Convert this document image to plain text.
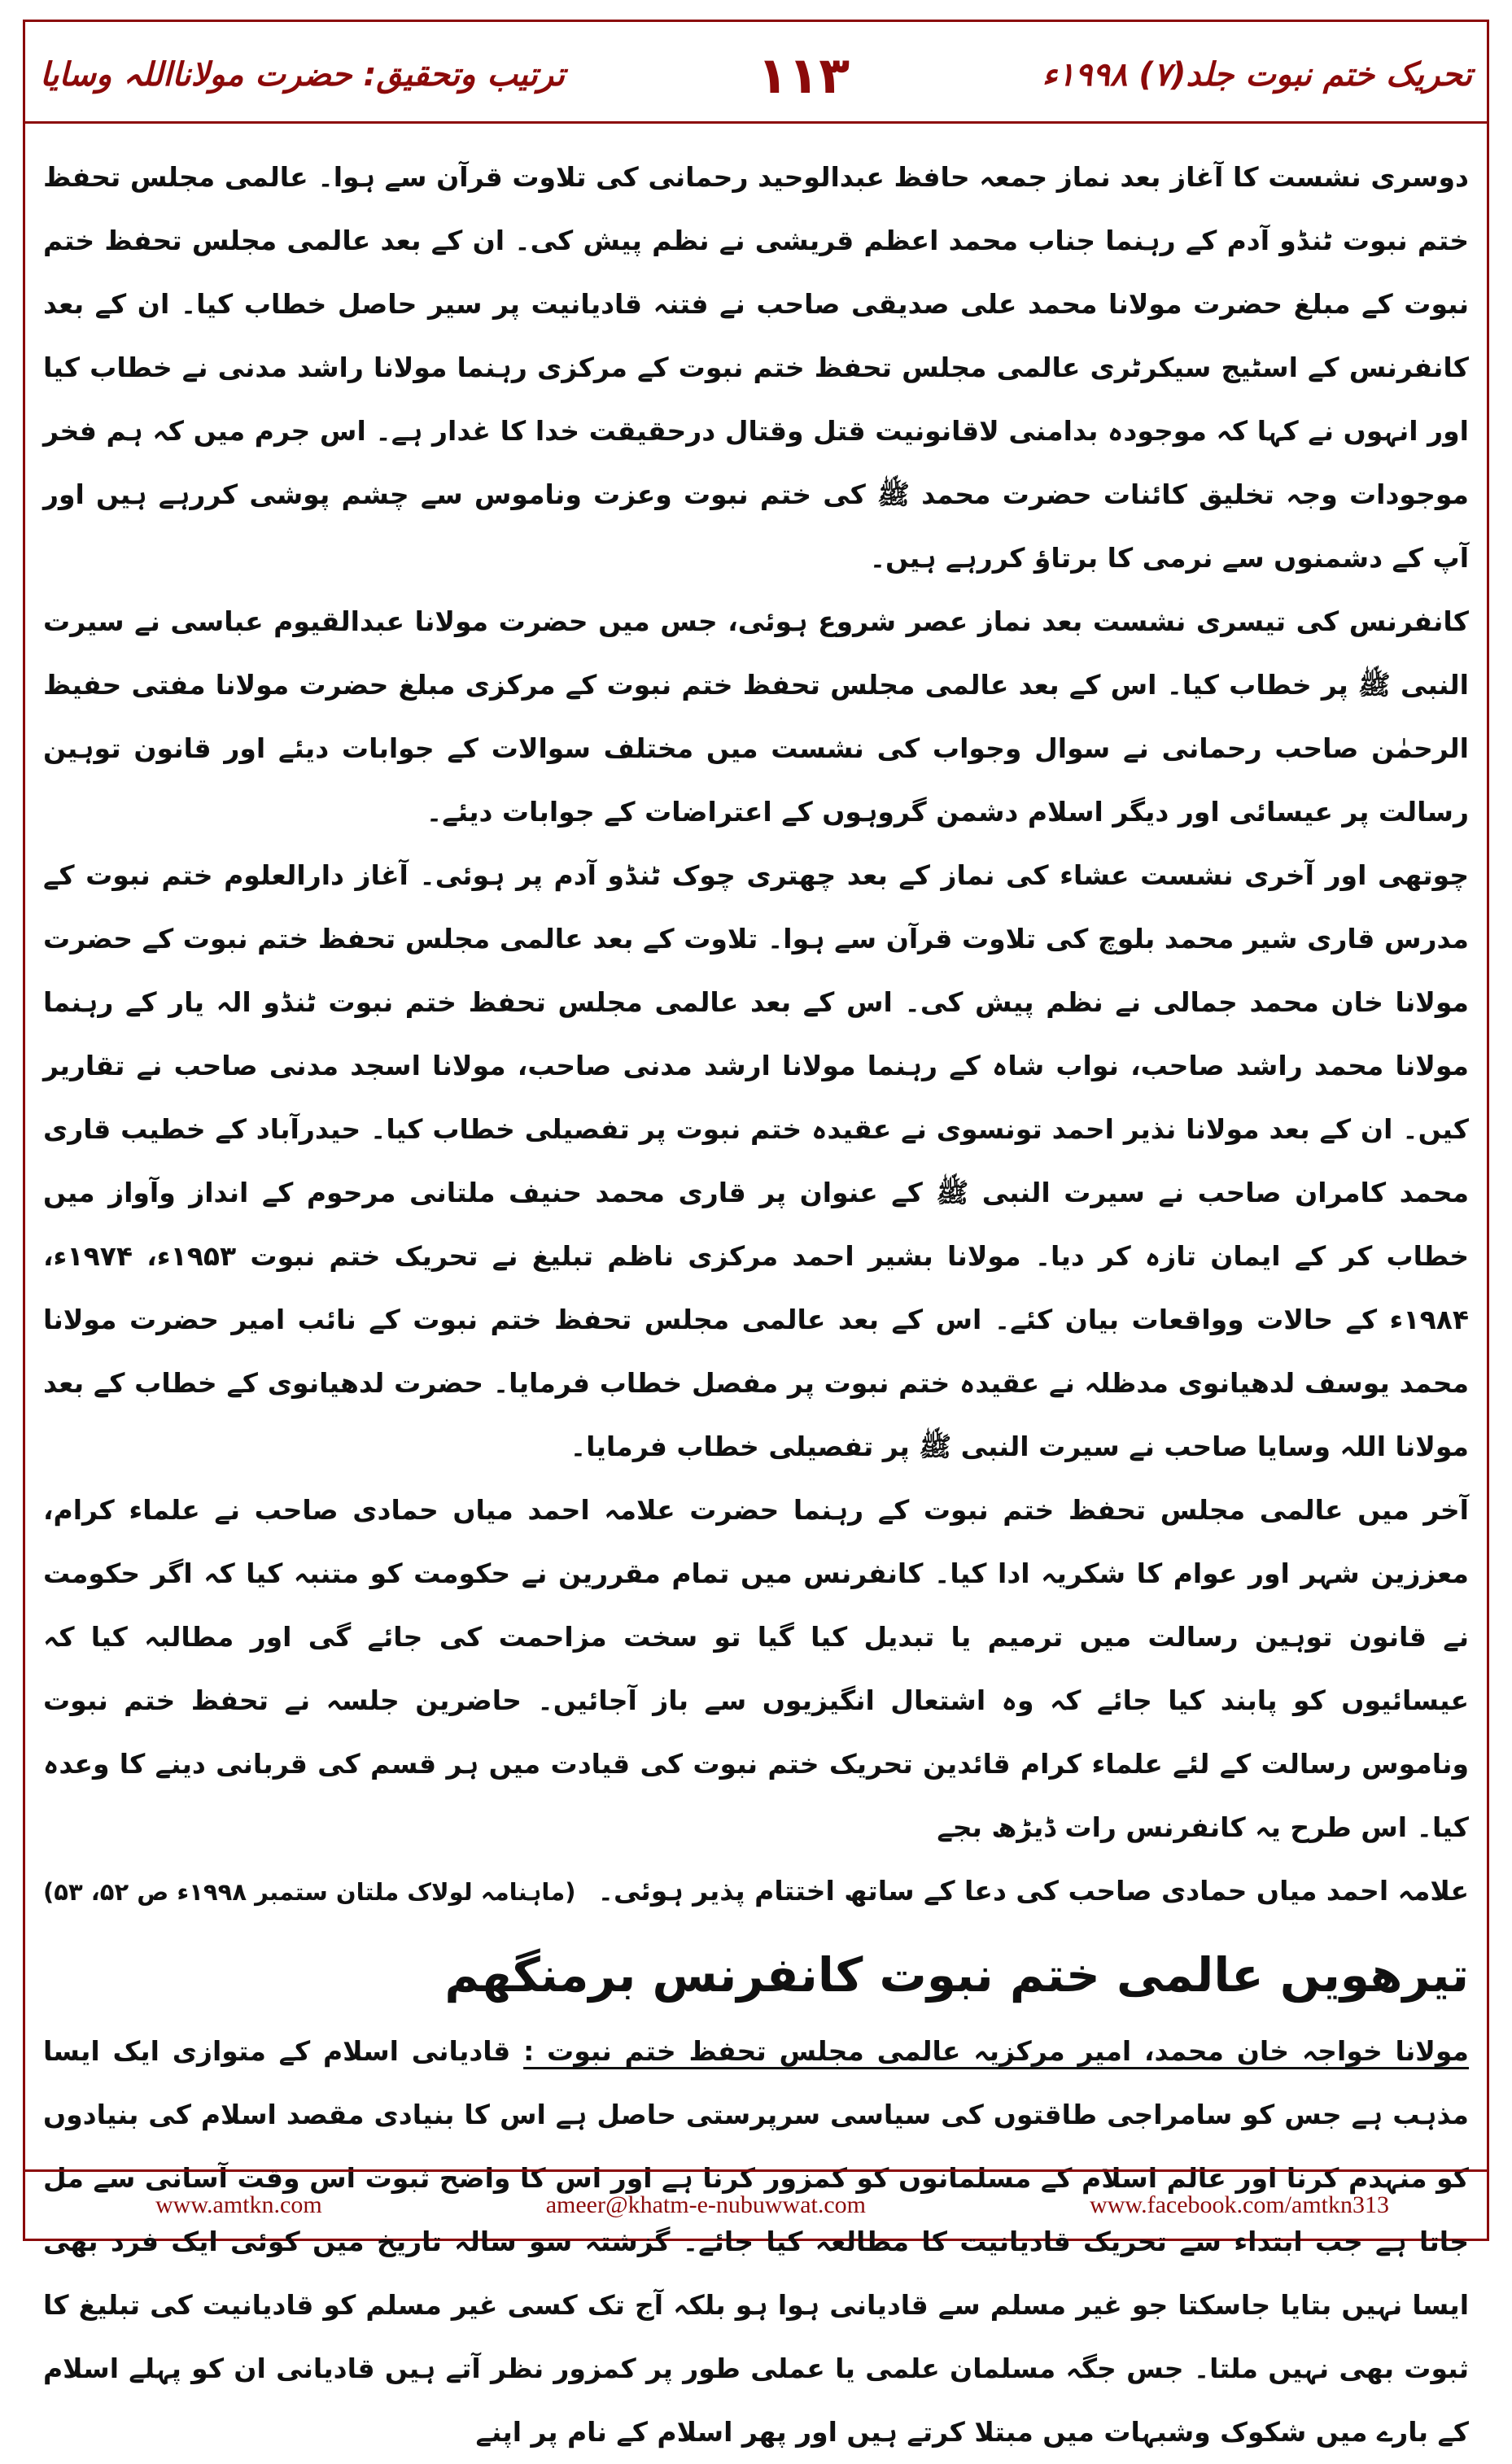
ترتیب وتحقیق: حضرت مولانااللہ وسایا	۱۱۳	تحریک ختم نبوت جلد(۷) ۱۹۹۸ء

دوسری نشست کا آغاز بعد نماز جمعہ حافظ عبدالوحید رحمانی کی تلاوت قرآن سے ہوا۔ عالمی مجلس تحفظ ختم نبوت ٹنڈو آدم کے رہنما جناب محمد اعظم قریشی نے نظم پیش کی۔ ان کے بعد عالمی مجلس تحفظ ختم نبوت کے مبلغ حضرت مولانا محمد علی صدیقی صاحب نے فتنہ قادیانیت پر سیر حاصل خطاب کیا۔ ان کے بعد کانفرنس کے اسٹیج سیکرٹری عالمی مجلس تحفظ ختم نبوت کے مرکزی رہنما مولانا راشد مدنی نے خطاب کیا اور انہوں نے کہا کہ موجودہ بدامنی لاقانونیت قتل وقتال درحقیقت خدا کا غدار ہے۔ اس جرم میں کہ ہم فخر موجودات وجہ تخلیق کائنات حضرت محمد ﷺ کی ختم نبوت وعزت وناموس سے چشم پوشی کررہے ہیں اور آپ کے دشمنوں سے نرمی کا برتاؤ کررہے ہیں۔

کانفرنس کی تیسری نشست بعد نماز عصر شروع ہوئی، جس میں حضرت مولانا عبدالقیوم عباسی نے سیرت النبی ﷺ پر خطاب کیا۔ اس کے بعد عالمی مجلس تحفظ ختم نبوت کے مرکزی مبلغ حضرت مولانا مفتی حفیظ الرحمٰن صاحب رحمانی نے سوال وجواب کی نشست میں مختلف سوالات کے جوابات دیئے اور قانون توہین رسالت پر عیسائی اور دیگر اسلام دشمن گروہوں کے اعتراضات کے جوابات دیئے۔

چوتھی اور آخری نشست عشاء کی نماز کے بعد چھتری چوک ٹنڈو آدم پر ہوئی۔ آغاز دارالعلوم ختم نبوت کے مدرس قاری شیر محمد بلوچ کی تلاوت قرآن سے ہوا۔ تلاوت کے بعد عالمی مجلس تحفظ ختم نبوت کے حضرت مولانا خان محمد جمالی نے نظم پیش کی۔ اس کے بعد عالمی مجلس تحفظ ختم نبوت ٹنڈو الہ یار کے رہنما مولانا محمد راشد صاحب، نواب شاہ کے رہنما مولانا ارشد مدنی صاحب، مولانا اسجد مدنی صاحب نے تقاریر کیں۔ ان کے بعد مولانا نذیر احمد تونسوی نے عقیدہ ختم نبوت پر تفصیلی خطاب کیا۔ حیدرآباد کے خطیب قاری محمد کامران صاحب نے سیرت النبی ﷺ کے عنوان پر قاری محمد حنیف ملتانی مرحوم کے انداز وآواز میں خطاب کر کے ایمان تازہ کر دیا۔ مولانا بشیر احمد مرکزی ناظم تبلیغ نے تحریک ختم نبوت ۱۹۵۳ء، ۱۹۷۴ء، ۱۹۸۴ء کے حالات وواقعات بیان کئے۔ اس کے بعد عالمی مجلس تحفظ ختم نبوت کے نائب امیر حضرت مولانا محمد یوسف لدھیانوی مدظلہ نے عقیدہ ختم نبوت پر مفصل خطاب فرمایا۔ حضرت لدھیانوی کے خطاب کے بعد مولانا اللہ وسایا صاحب نے سیرت النبی ﷺ پر تفصیلی خطاب فرمایا۔

آخر میں عالمی مجلس تحفظ ختم نبوت کے رہنما حضرت علامہ احمد میاں حمادی صاحب نے علماء کرام، معززین شہر اور عوام کا شکریہ ادا کیا۔ کانفرنس میں تمام مقررین نے حکومت کو متنبہ کیا کہ اگر حکومت نے قانون توہین رسالت میں ترمیم یا تبدیل کیا گیا تو سخت مزاحمت کی جائے گی اور مطالبہ کیا کہ عیسائیوں کو پابند کیا جائے کہ وہ اشتعال انگیزیوں سے باز آجائیں۔ حاضرین جلسہ نے تحفظ ختم نبوت وناموس رسالت کے لئے علماء کرام قائدین تحریک ختم نبوت کی قیادت میں ہر قسم کی قربانی دینے کا وعدہ کیا۔ اس طرح یہ کانفرنس رات ڈیڑھ بجے

علامہ احمد میاں حمادی صاحب کی دعا کے ساتھ اختتام پذیر ہوئی۔
(ماہنامہ لولاک ملتان ستمبر ۱۹۹۸ء ص ۵۲، ۵۳)
تیرھویں عالمی ختم نبوت کانفرنس برمنگھم

مولانا خواجہ خان محمد، امیر مرکزیہ عالمی مجلس تحفظ ختم نبوت : قادیانی اسلام کے متوازی ایک ایسا مذہب ہے جس کو سامراجی طاقتوں کی سیاسی سرپرستی حاصل ہے اس کا بنیادی مقصد اسلام کی بنیادوں کو منہدم کرنا اور عالم اسلام کے مسلمانوں کو کمزور کرنا ہے اور اس کا واضح ثبوت اس وقت آسانی سے مل جاتا ہے جب ابتداء سے تحریک قادیانیت کا مطالعہ کیا جائے۔ گزشتہ سو سالہ تاریخ میں کوئی ایک فرد بھی ایسا نہیں بتایا جاسکتا جو غیر مسلم سے قادیانی ہوا ہو بلکہ آج تک کسی غیر مسلم کو قادیانیت کی تبلیغ کا ثبوت بھی نہیں ملتا۔ جس جگہ مسلمان علمی یا عملی طور پر کمزور نظر آتے ہیں قادیانی ان کو پہلے اسلام کے بارے میں شکوک وشبہات میں مبتلا کرتے ہیں اور پھر اسلام کے نام پر اپنے

www.amtkn.com	ameer@khatm-e-nubuwwat.com	www.facebook.com/amtkn313
